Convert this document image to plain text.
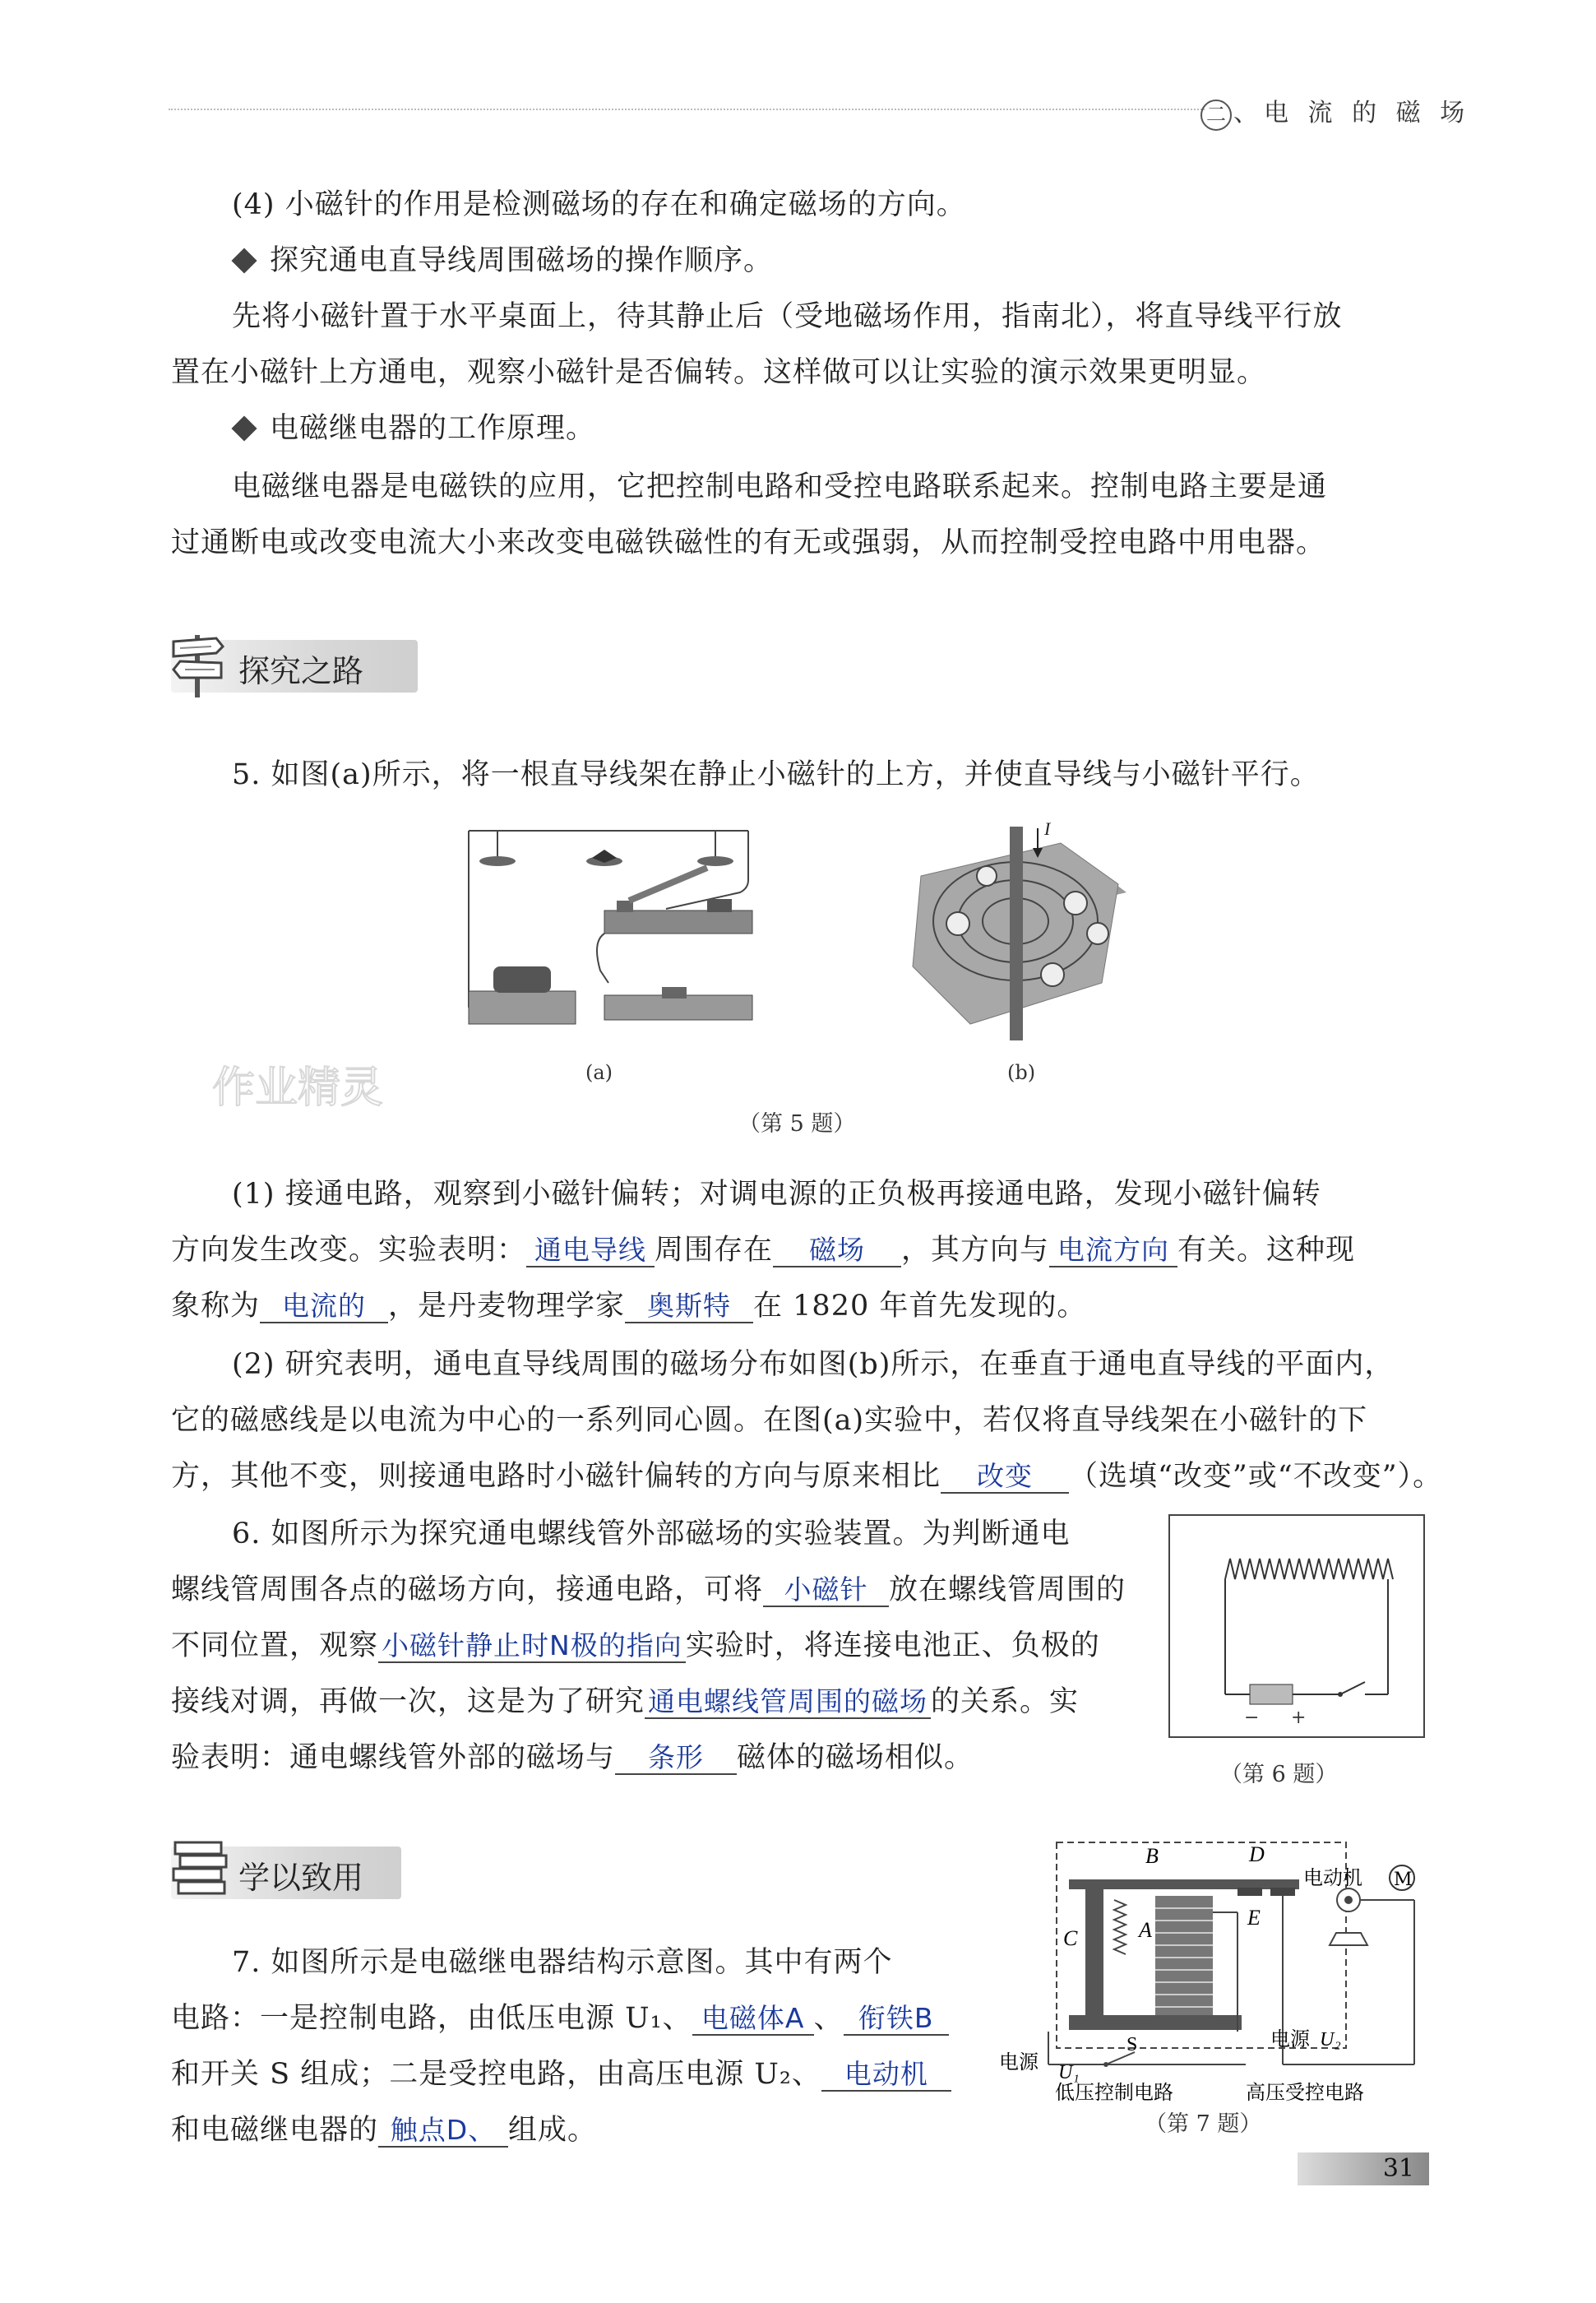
二 、电 流 的 磁 场
(4) 小磁针的作用是检测磁场的存在和确定磁场的方向。
探究通电直导线周围磁场的操作顺序。
先将小磁针置于水平桌面上，待其静止后（受地磁场作用，指南北），将直导线平行放
置在小磁针上方通电，观察小磁针是否偏转。这样做可以让实验的演示效果更明显。
电磁继电器的工作原理。
电磁继电器是电磁铁的应用，它把控制电路和受控电路联系起来。控制电路主要是通
过通断电或改变电流大小来改变电磁铁磁性的有无或强弱，从而控制受控电路中用电器。
探究之路
5. 如图(a)所示，将一根直导线架在静止小磁针的上方，并使直导线与小磁针平行。
(a)
I
(b)
作业精灵
（第 5 题）
(1) 接通电路，观察到小磁针偏转；对调电源的正负极再接通电路，发现小磁针偏转
方向发生改变。实验表明： 通电导线 周围存在 磁场 ，其方向与 电流方向 有关。这种现
象称为 电流的 ，是丹麦物理学家 奥斯特 在 1820 年首先发现的。
(2) 研究表明，通电直导线周围的磁场分布如图(b)所示，在垂直于通电直导线的平面内，
它的磁感线是以电流为中心的一系列同心圆。在图(a)实验中，若仅将直导线架在小磁针的下
方，其他不变，则接通电路时小磁针偏转的方向与原来相比 改变 （选填“改变”或“不改变”）。
6. 如图所示为探究通电螺线管外部磁场的实验装置。为判断通电
螺线管周围各点的磁场方向，接通电路，可将 小磁针 放在螺线管周围的
不同位置，观察 小磁针静止时N极的指向 实验时，将连接电池正、负极的
接线对调，再做一次，这是为了研究 通电螺线管周围的磁场 的关系。实
验表明：通电螺线管外部的磁场与 条形 磁体的磁场相似。
− +
（第 6 题）
学以致用
7. 如图所示是电磁继电器结构示意图。其中有两个
电路：一是控制电路，由低压电源 U₁、 电磁体A 、 衔铁B
和开关 S 组成；二是受控电路，由高压电源 U₂、 电动机
和电磁继电器的 触点D、 组成。
B	D
C	A
E
S
电动机 M
电源 U₁
电源 U₂
低压控制电路	高压受控电路
（第 7 题）
31
